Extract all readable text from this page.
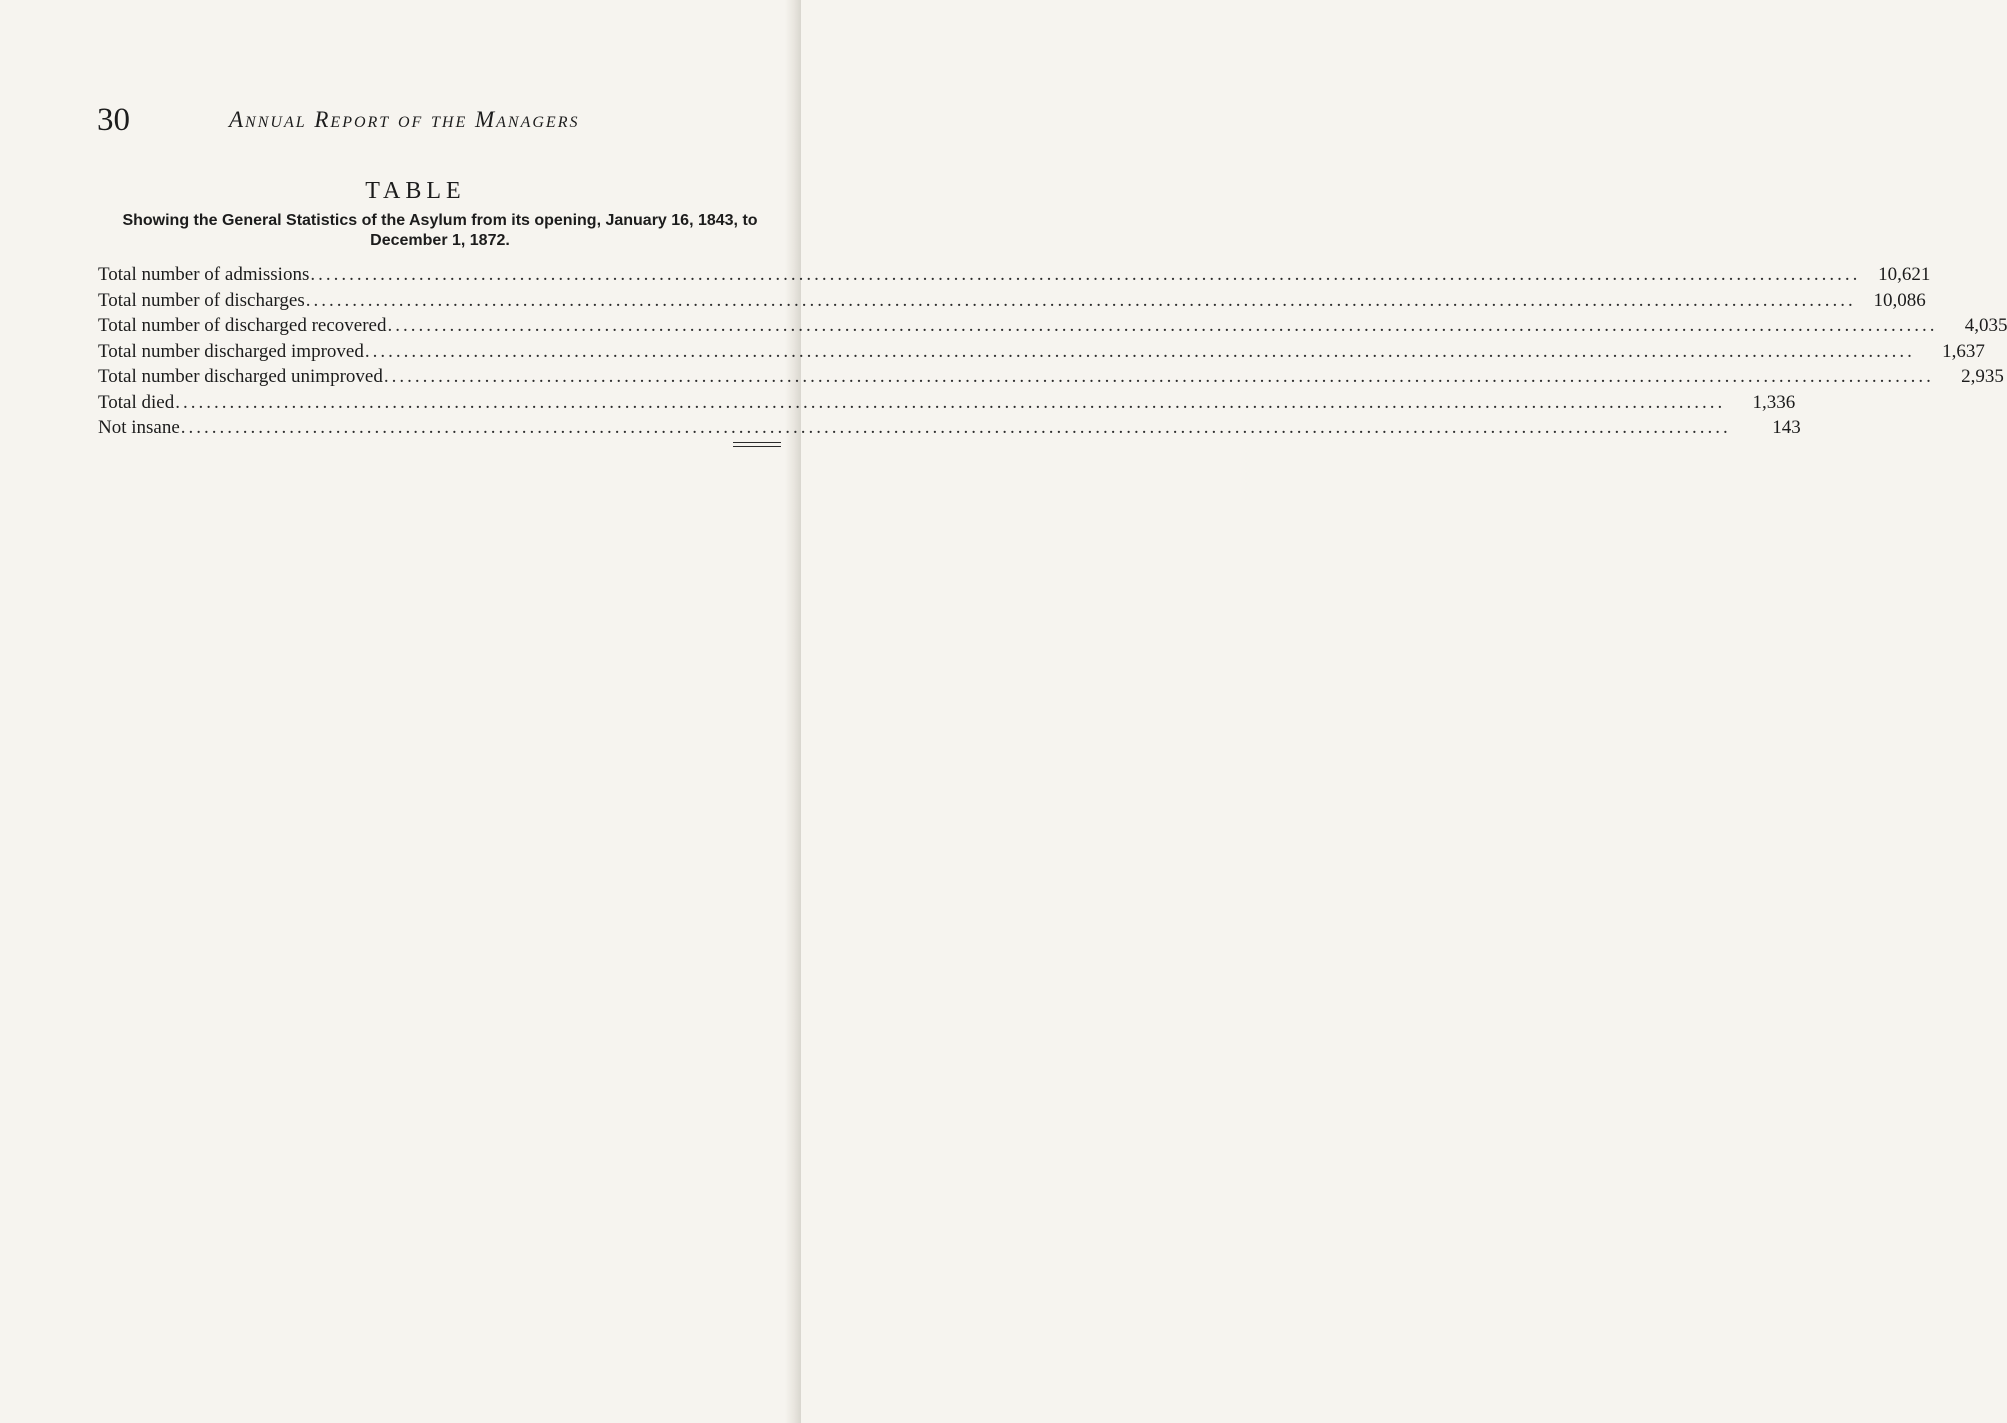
30	Annual Report of the Managers
TABLE
Showing the General Statistics of the Asylum from its opening, January 16, 1843, to December 1, 1872.
Total number of admissions ........................................................................................................................................................................................................ 10,621
Total number of discharges ........................................................................................................................................................................................................ 10,086
Total number of discharged recovered ........................................................................................................................................................................................................	4,035
Total number discharged improved ........................................................................................................................................................................................................	1,637
Total number discharged unimproved ........................................................................................................................................................................................................	2,935
Total died ........................................................................................................................................................................................................	1,336
Not insane ........................................................................................................................................................................................................	143
